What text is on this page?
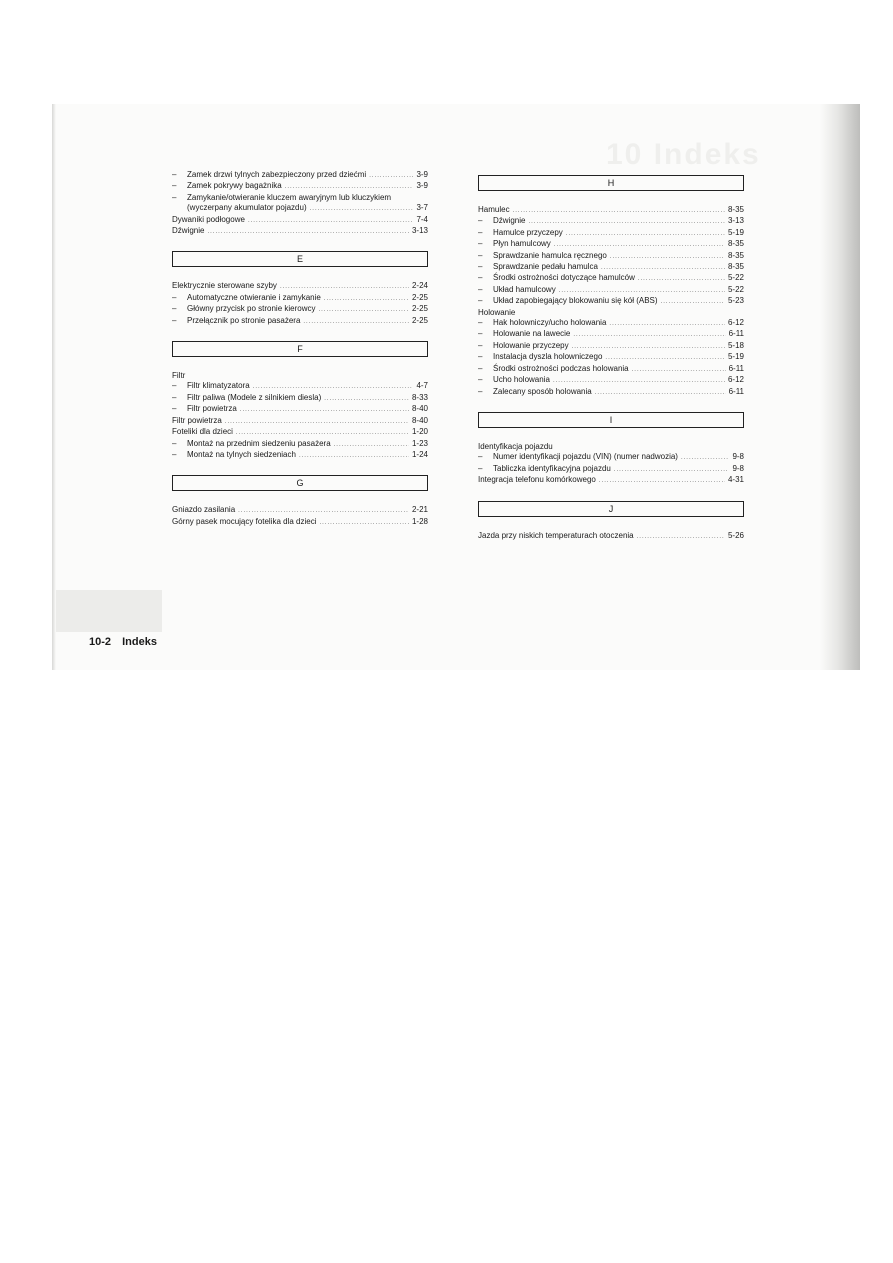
10 Indeks
10-2 Indeks
– Zamek drzwi tylnych zabezpieczony przed dziećmi .....	3-9
– Zamek pokrywy bagażnika .....	3-9
– Zamykanie/otwieranie kluczem awaryjnym lub kluczykiem
(wyczerpany akumulator pojazdu) .....	3-7
Dywaniki podłogowe .....	7-4
Dźwignie .....	3-13
E
Elektrycznie sterowane szyby .....	2-24
– Automatyczne otwieranie i zamykanie .....	2-25
– Główny przycisk po stronie kierowcy .....	2-25
– Przełącznik po stronie pasażera .....	2-25
F
Filtr
– Filtr klimatyzatora .....	4-7
– Filtr paliwa (Modele z silnikiem diesla) .....	8-33
– Filtr powietrza .....	8-40
Filtr powietrza .....	8-40
Foteliki dla dzieci .....	1-20
– Montaż na przednim siedzeniu pasażera .....	1-23
– Montaż na tylnych siedzeniach .....	1-24
G
Gniazdo zasilania .....	2-21
Górny pasek mocujący fotelika dla dzieci .....	1-28
H
Hamulec .....	8-35
– Dźwignie .....	3-13
– Hamulce przyczepy .....	5-19
– Płyn hamulcowy .....	8-35
– Sprawdzanie hamulca ręcznego .....	8-35
– Sprawdzanie pedału hamulca .....	8-35
– Środki ostrożności dotyczące hamulców .....	5-22
– Układ hamulcowy .....	5-22
– Układ zapobiegający blokowaniu się kół (ABS) .....	5-23
Holowanie
– Hak holowniczy/ucho holowania .....	6-12
– Holowanie na lawecie .....	6-11
– Holowanie przyczepy .....	5-18
– Instalacja dyszla holowniczego .....	5-19
– Środki ostrożności podczas holowania .....	6-11
– Ucho holowania .....	6-12
– Zalecany sposób holowania .....	6-11
I
Identyfikacja pojazdu
– Numer identyfikacji pojazdu (VIN) (numer nadwozia) .....	9-8
– Tabliczka identyfikacyjna pojazdu .....	9-8
Integracja telefonu komórkowego .....	4-31
J
Jazda przy niskich temperaturach otoczenia .....	5-26
